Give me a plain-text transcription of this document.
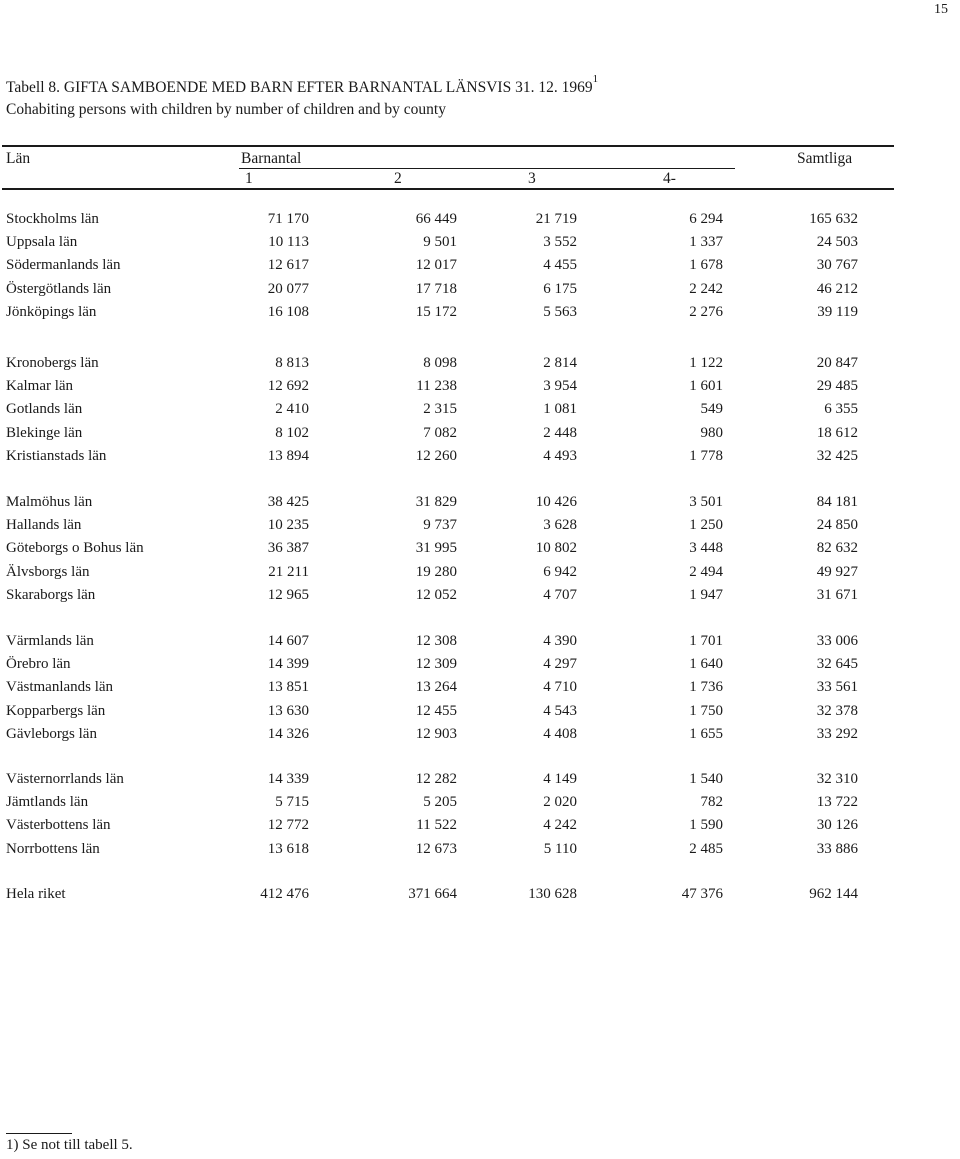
15
Tabell 8. GIFTA SAMBOENDE MED BARN EFTER BARNANTAL LÄNSVIS 31. 12. 1969$^1$
Cohabiting persons with children by number of children and by county
Län	Barnantal	Samtliga
1	2	3	4-
Stockholms län	71 170	66 449	21 719	6 294	165 632
Uppsala län	10 113	9 501	3 552	1 337	24 503
Södermanlands län	12 617	12 017	4 455	1 678	30 767
Östergötlands län	20 077	17 718	6 175	2 242	46 212
Jönköpings län	16 108	15 172	5 563	2 276	39 119
Kronobergs län	8 813	8 098	2 814	1 122	20 847
Kalmar län	12 692	11 238	3 954	1 601	29 485
Gotlands län	2 410	2 315	1 081	549	6 355
Blekinge län	8 102	7 082	2 448	980	18 612
Kristianstads län	13 894	12 260	4 493	1 778	32 425
Malmöhus län	38 425	31 829	10 426	3 501	84 181
Hallands län	10 235	9 737	3 628	1 250	24 850
Göteborgs o Bohus län	36 387	31 995	10 802	3 448	82 632
Älvsborgs län	21 211	19 280	6 942	2 494	49 927
Skaraborgs län	12 965	12 052	4 707	1 947	31 671
Värmlands län	14 607	12 308	4 390	1 701	33 006
Örebro län	14 399	12 309	4 297	1 640	32 645
Västmanlands län	13 851	13 264	4 710	1 736	33 561
Kopparbergs län	13 630	12 455	4 543	1 750	32 378
Gävleborgs län	14 326	12 903	4 408	1 655	33 292
Västernorrlands län	14 339	12 282	4 149	1 540	32 310
Jämtlands län	5 715	5 205	2 020	782	13 722
Västerbottens län	12 772	11 522	4 242	1 590	30 126
Norrbottens län	13 618	12 673	5 110	2 485	33 886
Hela riket	412 476	371 664	130 628	47 376	962 144
1) Se not till tabell 5.
